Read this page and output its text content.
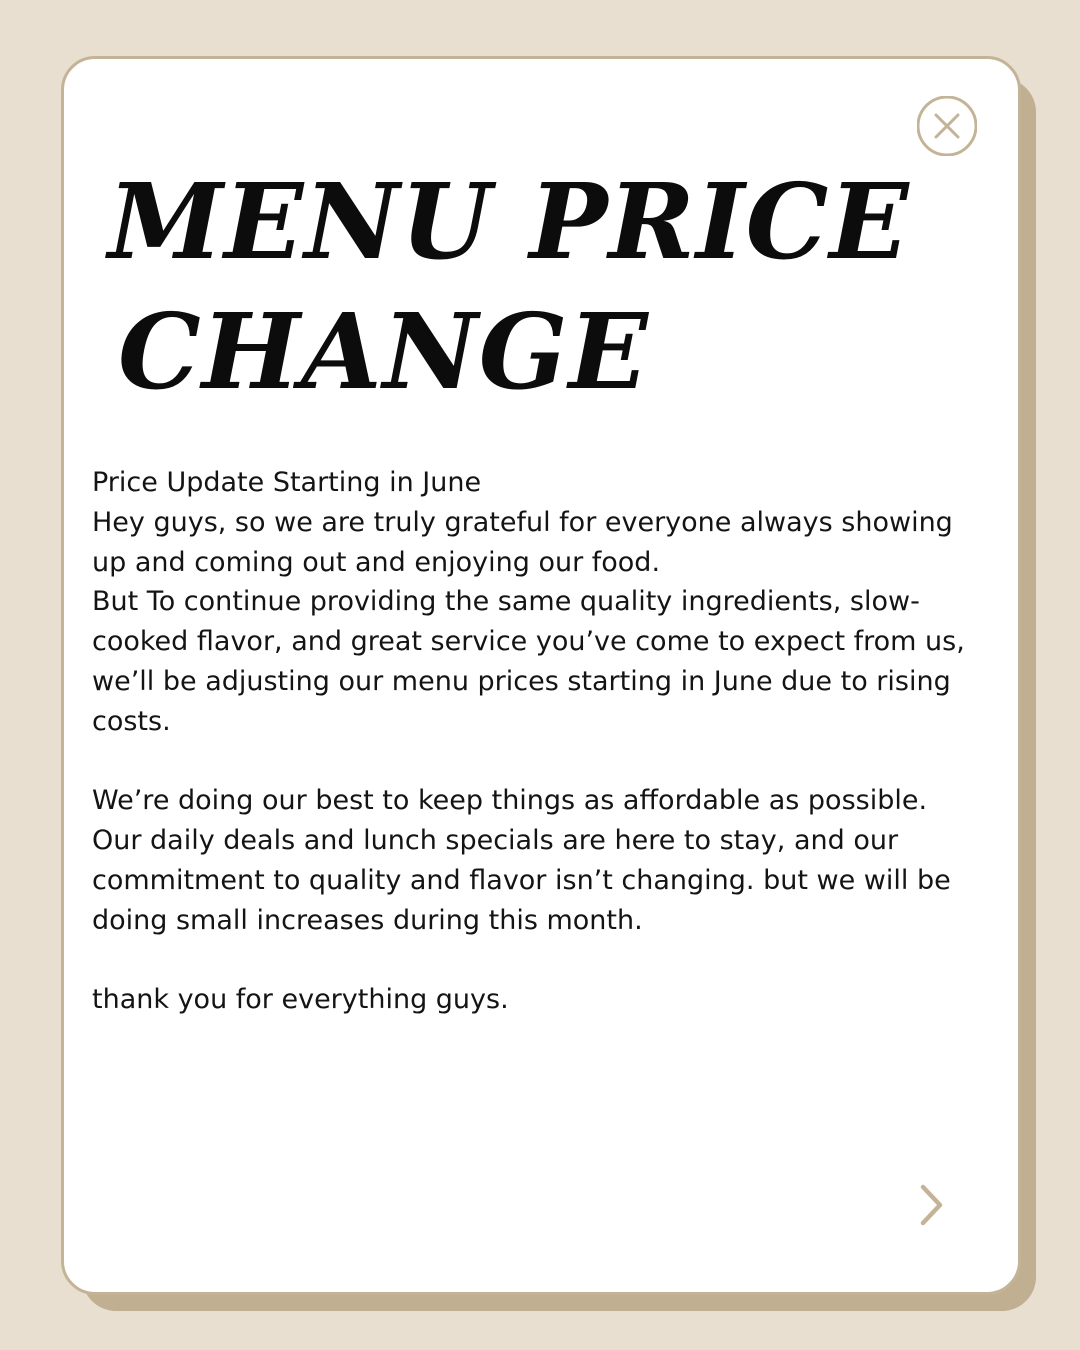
MENU PRICE
CHANGE

Price Update Starting in June

Hey guys, so we are truly grateful for everyone always showing up and coming out and enjoying our food.

But To continue providing the same quality ingredients, slow-cooked flavor, and great service you’ve come to expect from us, we’ll be adjusting our menu prices starting in June due to rising costs.

We’re doing our best to keep things as affordable as possible.

Our daily deals and lunch specials are here to stay, and our commitment to quality and flavor isn’t changing. but we will be doing small increases during this month.

thank you for everything guys.
